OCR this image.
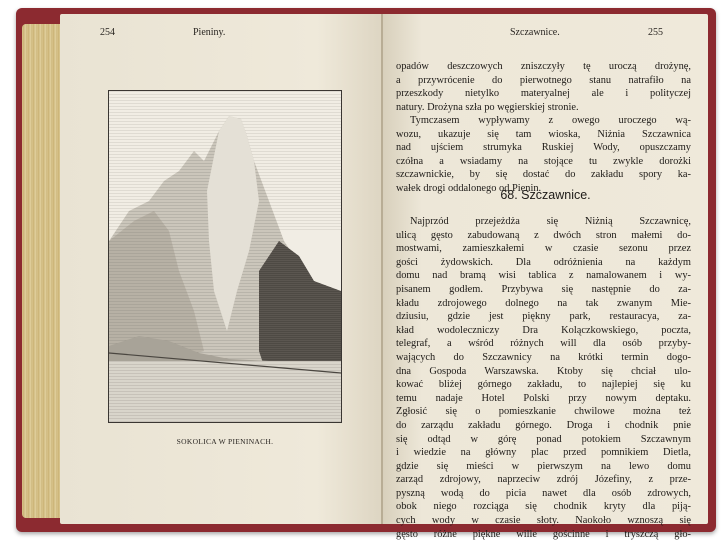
254	Pieniny.	Szczawnice.	255
SOKOLICA W PIENINACH.
opadów deszczowych zniszczyły tę uroczą drożynę,
a przywrócenie do pierwotnego stanu natrafiło na
przeszkody nietylko materyalnej ale i polityczej
natury. Drożyna szła po węgierskiej stronie.
Tymczasem wypływamy z owego uroczego wą-
wozu, ukazuje się tam wioska, Niżnia Szczawnica
nad ujściem strumyka Ruskiej Wody, opuszczamy
czółna a wsiadamy na stojące tu zwykle dorożki
szczawnickie, by się dostać do zakładu spory ka-
wałek drogi oddalonego od Pienin.
68. Szczawnice.
Najprzód przejeżdża się Niżnią Szczawnicę,
ulicą gęsto zabudowaną z dwóch stron małemi do-
mostwami, zamieszkałemi w czasie sezonu przez
gości żydowskich. Dla odróżnienia na każdym
domu nad bramą wisi tablica z namalowanem i wy-
pisanem godłem. Przybywa się następnie do za-
kładu zdrojowego dolnego na tak zwanym Mie-
dziusiu, gdzie jest piękny park, restauracya, za-
kład wodoleczniczy Dra Kolączkowskiego, poczta,
telegraf, a wśród różnych will dla osób przyby-
wających do Szczawnicy na krótki termin dogo-
dna Gospoda Warszawska. Ktoby się chciał ulo-
kować bliżej górnego zakładu, to najlepiej się ku
temu nadaje Hotel Polski przy nowym deptaku.
Zgłosić się o pomieszkanie chwilowe można też
do zarządu zakładu górnego. Droga i chodnik pnie
się odtąd w górę ponad potokiem Szczawnym
i wiedzie na główny plac przed pomnikiem Dietla,
gdzie się mieści w pierwszym na lewo domu
zarząd zdrojowy, naprzeciw zdrój Józefiny, z prze-
pyszną wodą do picia nawet dla osób zdrowych,
obok niego rozciąga się chodnik kryty dla piją-
cych wody w czasie słoty. Naokoło wznoszą się
gęsto różne piękne wille gościnne i tryszczą gło-
